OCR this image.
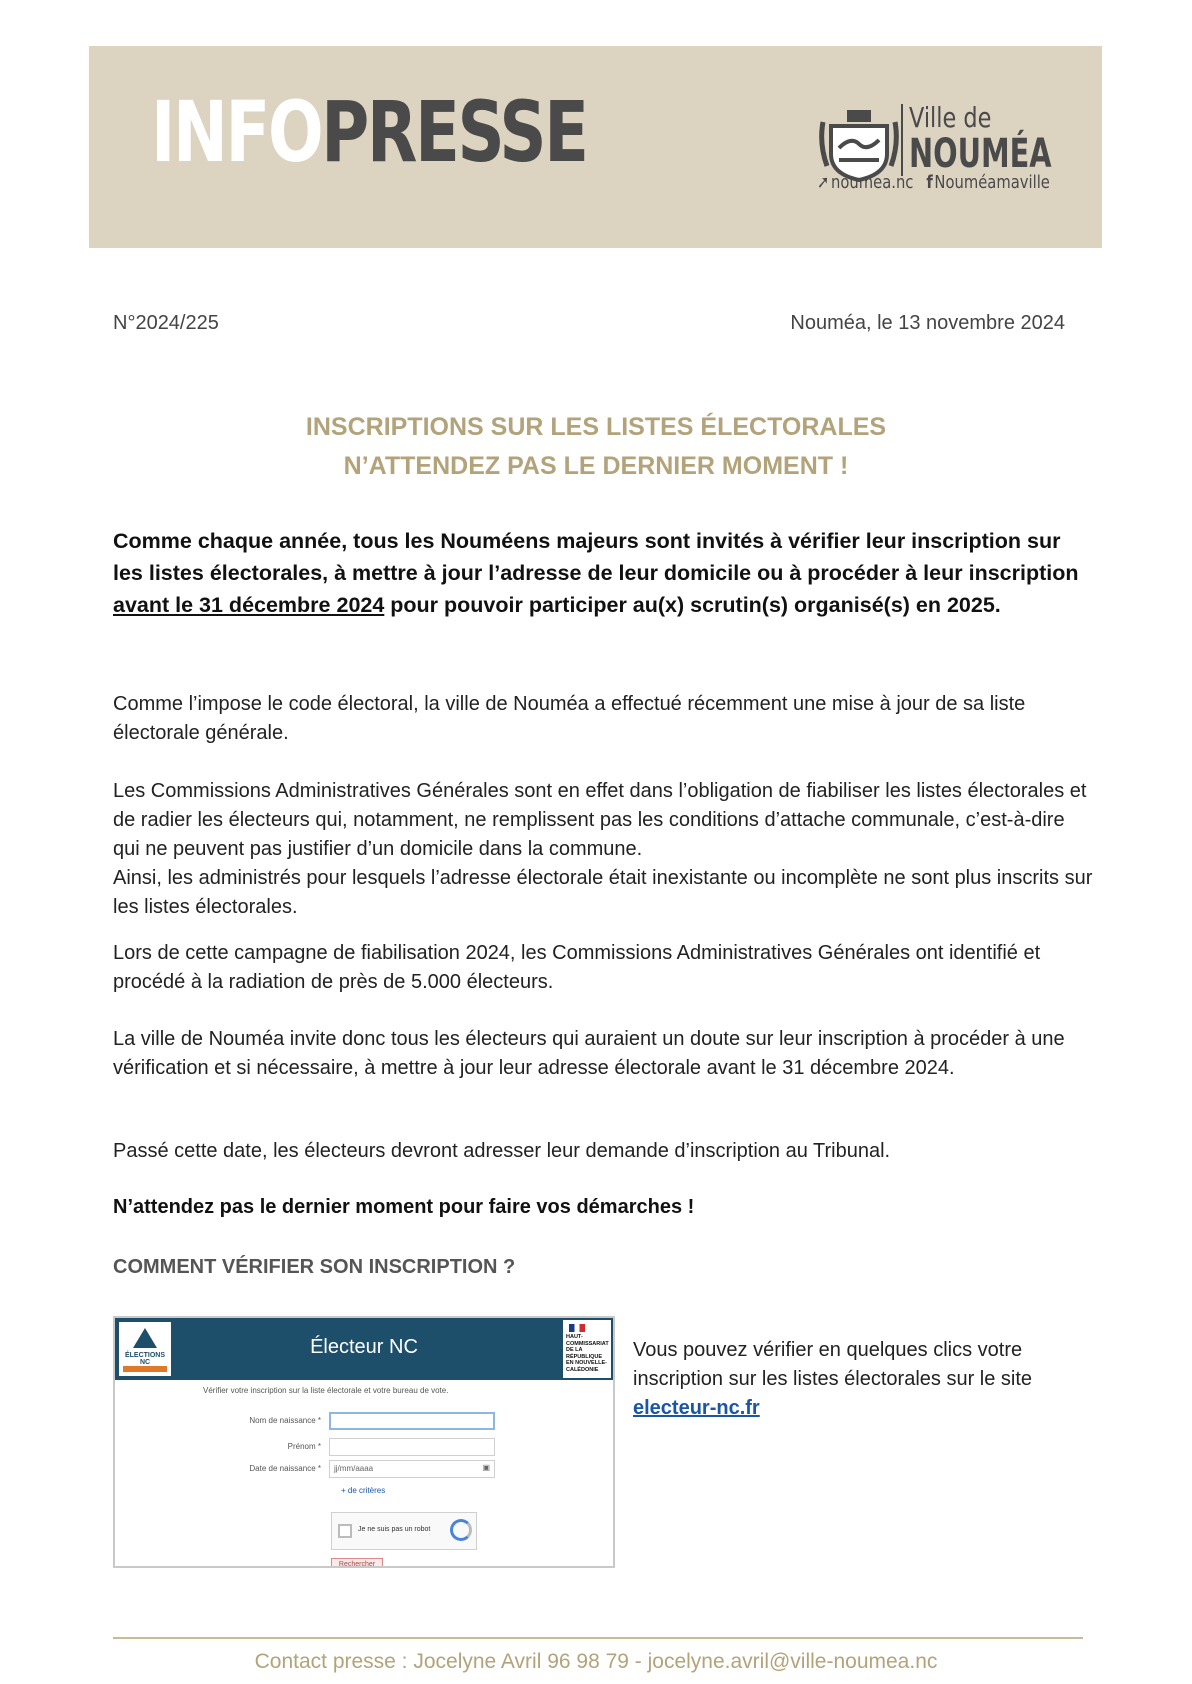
INFOPRESSE	Ville de
NOUMÉA
➚noumea.nc fNouméamaville
N°2024/225	Nouméa, le 13 novembre 2024
INSCRIPTIONS SUR LES LISTES ÉLECTORALES
N’ATTENDEZ PAS LE DERNIER MOMENT !
Comme chaque année, tous les Nouméens majeurs sont invités à vérifier leur inscription sur les listes électorales, à mettre à jour l’adresse de leur domicile ou à procéder à leur inscription avant le 31 décembre 2024 pour pouvoir participer au(x) scrutin(s) organisé(s) en 2025.
Comme l’impose le code électoral, la ville de Nouméa a effectué récemment une mise à jour de sa liste électorale générale.
Les Commissions Administratives Générales sont en effet dans l’obligation de fiabiliser les listes électorales et de radier les électeurs qui, notamment, ne remplissent pas les conditions d’attache communale, c’est-à-dire qui ne peuvent pas justifier d’un domicile dans la commune.
Ainsi, les administrés pour lesquels l’adresse électorale était inexistante ou incomplète ne sont plus inscrits sur les listes électorales.
Lors de cette campagne de fiabilisation 2024, les Commissions Administratives Générales ont identifié et procédé à la radiation de près de 5.000 électeurs.
La ville de Nouméa invite donc tous les électeurs qui auraient un doute sur leur inscription à procéder à une vérification et si nécessaire, à mettre à jour leur adresse électorale avant le 31 décembre 2024.
Passé cette date, les électeurs devront adresser leur demande d’inscription au Tribunal.
N’attendez pas le dernier moment pour faire vos démarches !
COMMENT VÉRIFIER SON INSCRIPTION ?
ÉLECTIONS NC
Électeur NC	HAUT-COMMISSARIAT DE LA RÉPUBLIQUE EN NOUVELLE-CALÉDONIE
Vérifier votre inscription sur la liste électorale et votre bureau de vote.
Nom de naissance *
Prénom *
Date de naissance *	jj/mm/aaaa	▣
+ de critères
Je ne suis pas un robot
Rechercher
Vous pouvez vérifier en quelques clics votre inscription sur les listes électorales sur le site electeur-nc.fr
Contact presse : Jocelyne Avril 96 98 79 - jocelyne.avril@ville-noumea.nc
